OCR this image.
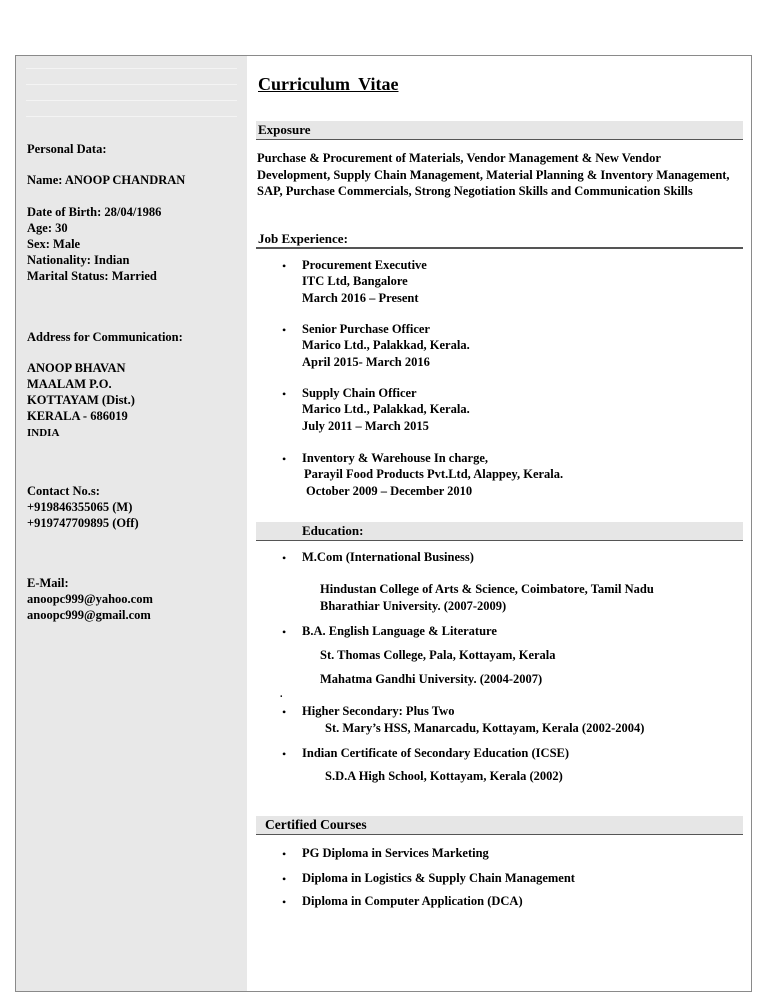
Personal Data:
Name: ANOOP CHANDRAN
Date of Birth: 28/04/1986
Age: 30
Sex: Male
Nationality: Indian
Marital Status: Married
Address for Communication:
ANOOP BHAVAN
MAALAM P.O.
KOTTAYAM (Dist.)
KERALA - 686019
INDIA
Contact No.s:
+919846355065 (M)
+919747709895 (Off)
E-Mail:
anoopc999@yahoo.com
anoopc999@gmail.com
Curriculum Vitae
Exposure
Purchase & Procurement of Materials, Vendor Management & New Vendor Development, Supply Chain Management, Material Planning & Inventory Management, SAP, Purchase Commercials, Strong Negotiation Skills and Communication Skills
Job Experience:
• Procurement Executive
ITC Ltd, Bangalore
March 2016 – Present
• Senior Purchase Officer
Marico Ltd., Palakkad, Kerala.
April 2015- March 2016
• Supply Chain Officer
Marico Ltd., Palakkad, Kerala.
July 2011 – March 2015
• Inventory & Warehouse In charge,
Parayil Food Products Pvt.Ltd, Alappey, Kerala.
October 2009 – December 2010
Education:
• M.Com (International Business)
Hindustan College of Arts & Science, Coimbatore, Tamil Nadu
Bharathiar University. (2007-2009)
• B.A. English Language & Literature
St. Thomas College, Pala, Kottayam, Kerala
Mahatma Gandhi University. (2004-2007)
.
• Higher Secondary: Plus Two
St. Mary’s HSS, Manarcadu, Kottayam, Kerala (2002-2004)
• Indian Certificate of Secondary Education (ICSE)
S.D.A High School, Kottayam, Kerala (2002)
Certified Courses
• PG Diploma in Services Marketing
• Diploma in Logistics & Supply Chain Management
• Diploma in Computer Application (DCA)
